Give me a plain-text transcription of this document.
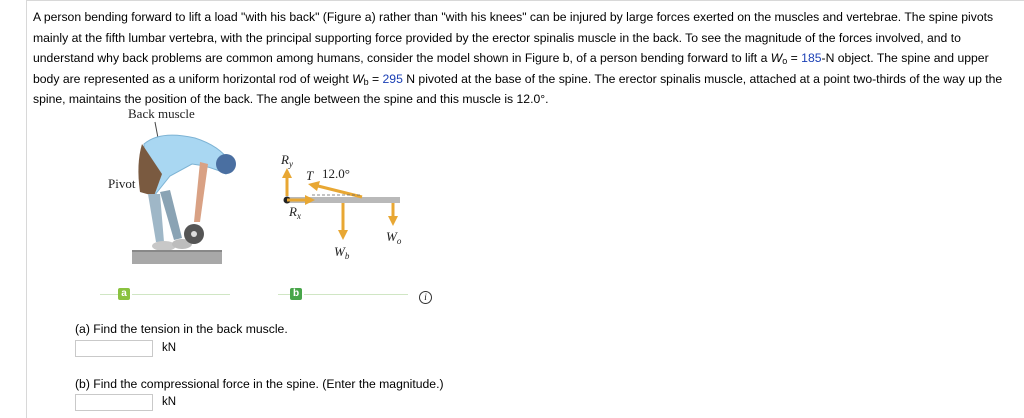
A person bending forward to lift a load "with his back" (Figure a) rather than "with his knees" can be injured by large forces exerted on the muscles and vertebrae. The spine pivots mainly at the fifth lumbar vertebra, with the principal supporting force provided by the erector spinalis muscle in the back. To see the magnitude of the forces involved, and to understand why back problems are common among humans, consider the model shown in Figure b, of a person bending forward to lift a $W_o = 185-N$ object. The spine and upper body are represented as a uniform horizontal rod of weight $W_b = 295$ N pivoted at the base of the spine. The erector spinalis muscle, attached at a point two-thirds of the way up the spine, maintains the position of the back. The angle between the spine and this muscle is 12.0°.
Back muscle
Pivot
$R_y$
$R_x$
T 12.0°
$W_b$
$W_o$
a	b	i
(a) Find the tension in the back muscle.
kN
(b) Find the compressional force in the spine. (Enter the magnitude.)
kN
